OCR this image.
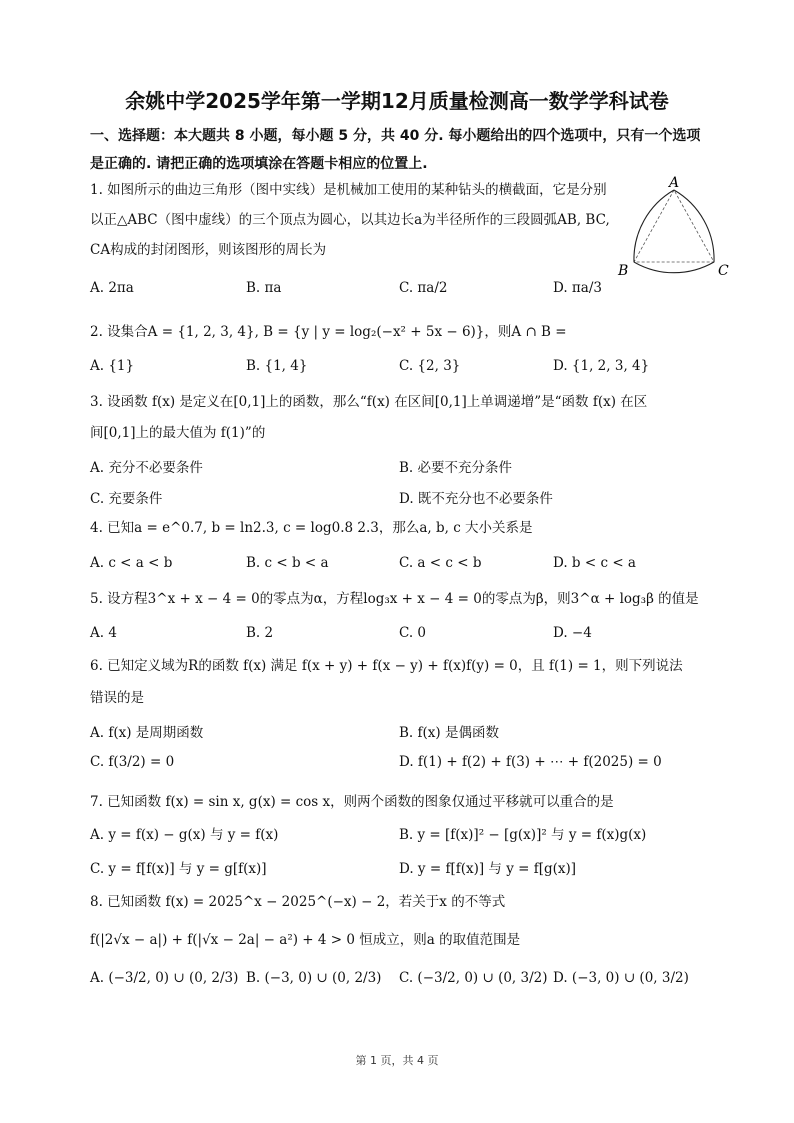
余姚中学2025学年第一学期12月质量检测高一数学学科试卷
一、选择题：本大题共 8 小题，每小题 5 分，共 40 分. 每小题给出的四个选项中，只有一个选项是正确的. 请把正确的选项填涂在答题卡相应的位置上.
A
B	C
1. 如图所示的曲边三角形（图中实线）是机械加工使用的某种钻头的横截面，它是分别以正△ABC（图中虚线）的三个顶点为圆心，以其边长a为半径所作的三段圆弧AB, BC, CA构成的封闭图形，则该图形的周长为
A. 2πa	B. πa	C. πa/2	D. πa/3
2. 设集合A = {1, 2, 3, 4}, B = {y | y = log₂(−x² + 5x − 6)}，则A ∩ B =
A. {1}	B. {1, 4}	C. {2, 3}	D. {1, 2, 3, 4}
3. 设函数 f(x) 是定义在[0,1]上的函数，那么“f(x) 在区间[0,1]上单调递增”是“函数 f(x) 在区
间[0,1]上的最大值为 f(1)”的
A. 充分不必要条件	B. 必要不充分条件
C. 充要条件	D. 既不充分也不必要条件
4. 已知a = e^0.7, b = ln2.3, c = log0.8 2.3，那么a, b, c 大小关系是
A. c < a < b	B. c < b < a	C. a < c < b	D. b < c < a
5. 设方程3^x + x − 4 = 0的零点为α，方程log₃x + x − 4 = 0的零点为β，则3^α + log₃β 的值是
A. 4	B. 2	C. 0	D. −4
6. 已知定义域为R的函数 f(x) 满足 f(x + y) + f(x − y) + f(x)f(y) = 0，且 f(1) = 1，则下列说法
错误的是
A. f(x) 是周期函数	B. f(x) 是偶函数
C. f(3/2) = 0	D. f(1) + f(2) + f(3) + ⋯ + f(2025) = 0
7. 已知函数 f(x) = sin x, g(x) = cos x，则两个函数的图象仅通过平移就可以重合的是
A. y = f(x) − g(x) 与 y = f(x)	B. y = [f(x)]² − [g(x)]² 与 y = f(x)g(x)
C. y = f[f(x)] 与 y = g[f(x)]	D. y = f[f(x)] 与 y = f[g(x)]
8. 已知函数 f(x) = 2025^x − 2025^(−x) − 2，若关于x 的不等式
f(|2√x − a|) + f(|√x − 2a| − a²) + 4 > 0 恒成立，则a 的取值范围是
A. (−3/2, 0) ∪ (0, 2/3) B. (−3, 0) ∪ (0, 2/3) C. (−3/2, 0) ∪ (0, 3/2) D. (−3, 0) ∪ (0, 3/2)
第 1 页，共 4 页
